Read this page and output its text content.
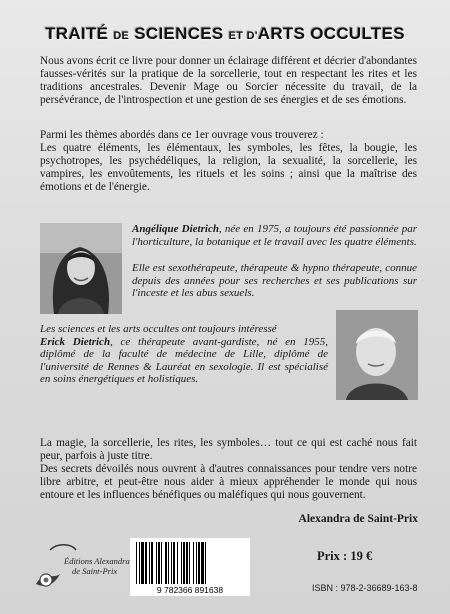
TRAITÉ DE SCIENCES ET D'ARTS OCCULTES

Nous avons écrit ce livre pour donner un éclairage différent et décrier d'abondantes fausses-vérités sur la pratique de la sorcellerie, tout en respectant les rites et les traditions ancestrales. Devenir Mage ou Sorcier nécessite du travail, de la persévérance, de l'introspection et une gestion de ses énergies et de ses émotions.

Parmi les thèmes abordés dans ce 1er ouvrage vous trouverez :
Les quatre éléments, les élémentaux, les symboles, les fêtes, la bougie, les psychotropes, les psychédéliques, la religion, la sexualité, la sorcellerie, les vampires, les envoûtements, les rituels et les soins ; ainsi que la maîtrise des émotions et de l'énergie.

Angélique Dietrich, née en 1975, a toujours été passionnée par l'horticulture, la botanique et le travail avec les quatre éléments.

Elle est sexothérapeute, thérapeute & hypno thérapeute, connue depuis des années pour ses recherches et ses publications sur l'inceste et les abus sexuels.

Les sciences et les arts occultes ont toujours intéressé
Erick Dietrich, ce thérapeute avant-gardiste, né en 1955, diplômé de la faculté de médecine de Lille, diplômé de l'université de Rennes & Lauréat en sexologie. Il est spécialisé en soins énergétiques et holistiques.

La magie, la sorcellerie, les rites, les symboles… tout ce qui est caché nous fait peur, parfois à juste titre.
Des secrets dévoilés nous ouvrent à d'autres connaissances pour tendre vers notre libre arbitre, et peut-être nous aider à mieux appréhender le monde qui nous entoure et les influences bénéfiques ou maléfiques qui nous gouvernent.
Alexandra de Saint-Prix
Éditions Alexandra
de Saint-Prix
9 782366 891638
Prix : 19 €
ISBN : 978-2-36689-163-8
